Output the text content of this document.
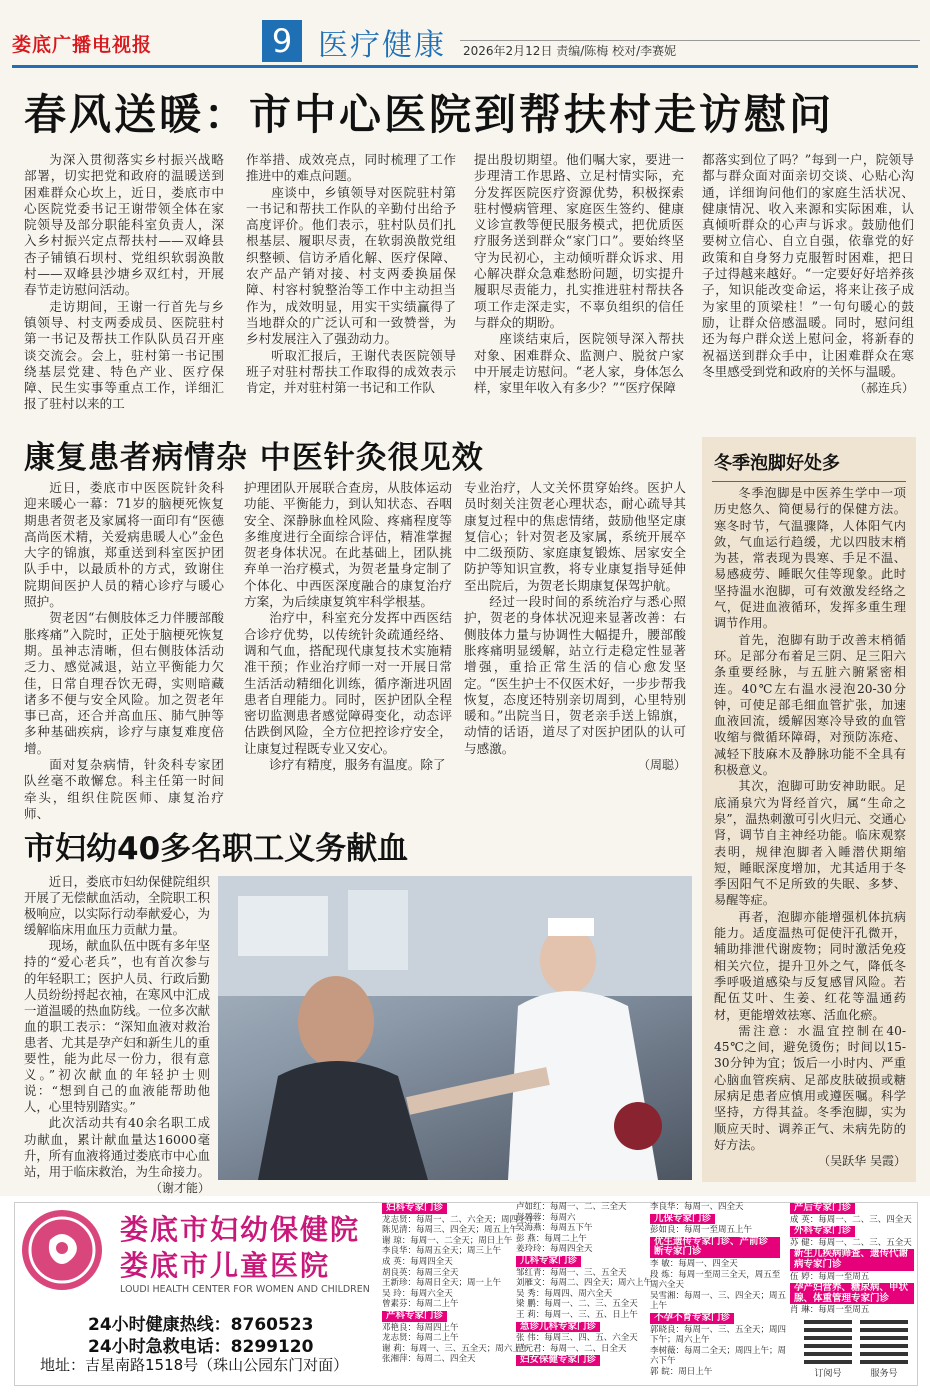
娄底广播电视报	9 医疗健康 2026年2月12日 责编/陈梅 校对/李赛妮
春风送暖：市中心医院到帮扶村走访慰问

为深入贯彻落实乡村振兴战略部署，切实把党和政府的温暖送到困难群众心坎上，近日，娄底市中心医院党委书记王谢带领全体在家院领导及部分职能科室负责人，深入乡村振兴定点帮扶村——双峰县杏子铺镇石坝村、党组织软弱涣散村——双峰县沙塘乡双红村，开展春节走访慰问活动。

走访期间，王谢一行首先与乡镇领导、村支两委成员、医院驻村第一书记及帮扶工作队队员召开座谈交流会。会上，驻村第一书记围绕基层党建、特色产业、医疗保障、民生实事等重点工作，详细汇报了驻村以来的工

作举措、成效亮点，同时梳理了工作推进中的难点问题。

座谈中，乡镇领导对医院驻村第一书记和帮扶工作队的辛勤付出给予高度评价。他们表示，驻村队员们扎根基层、履职尽责，在软弱涣散党组织整顿、信访矛盾化解、医疗保障、农产品产销对接、村支两委换届保障、村容村貌整治等工作中主动担当作为，成效明显，用实干实绩赢得了当地群众的广泛认可和一致赞誉，为乡村发展注入了强劲动力。

听取汇报后，王谢代表医院领导班子对驻村帮扶工作取得的成效表示肯定，并对驻村第一书记和工作队

提出殷切期望。他们嘱大家，要进一步理清工作思路、立足村情实际，充分发挥医院医疗资源优势，积极探索驻村慢病管理、家庭医生签约、健康义诊宣教等便民服务模式，把优质医疗服务送到群众“家门口”。要始终坚守为民初心，主动倾听群众诉求、用心解决群众急难愁盼问题，切实提升履职尽责能力，扎实推进驻村帮扶各项工作走深走实，不辜负组织的信任与群众的期盼。

座谈结束后，医院领导深入帮扶对象、困难群众、监测户、脱贫户家中开展走访慰问。“老人家，身体怎么样，家里年收入有多少？”“医疗保障

都落实到位了吗？”每到一户，院领导都与群众面对面亲切交谈、心贴心沟通，详细询问他们的家庭生活状况、健康情况、收入来源和实际困难，认真倾听群众的心声与诉求。鼓励他们要树立信心、自立自强，依靠党的好政策和自身努力克服暂时困难，把日子过得越来越好。“一定要好好培养孩子，知识能改变命运，将来让孩子成为家里的顶梁柱！”一句句暖心的鼓励，让群众倍感温暖。同时，慰问组还为每户群众送上慰问金，将新春的祝福送到群众手中，让困难群众在寒冬里感受到党和政府的关怀与温暖。

（郝连兵）
康复患者病情杂 中医针灸很见效

近日，娄底市中医医院针灸科迎来暖心一幕：71岁的脑梗死恢复期患者贺老及家属将一面印有“医德高尚医术精，关爱病患暖人心”金色大字的锦旗，郑重送到科室医护团队手中，以最质朴的方式，致谢住院期间医护人员的精心诊疗与暖心照护。

贺老因“右侧肢体乏力伴腰部酸胀疼痛”入院时，正处于脑梗死恢复期。虽神志清晰，但右侧肢体活动乏力、感觉减退，站立平衡能力欠佳，日常自理吞饮无碍，实则暗藏诸多不便与安全风险。加之贺老年事已高，还合并高血压、肺气肿等多种基础疾病，诊疗与康复难度倍增。

面对复杂病情，针灸科专家团队丝毫不敢懈怠。科主任第一时间牵头，组织住院医师、康复治疗师、

护理团队开展联合查房，从肢体运动功能、平衡能力，到认知状态、吞咽安全、深静脉血栓风险、疼痛程度等多维度进行全面综合评估，精准掌握贺老身体状况。在此基础上，团队挑弃单一治疗模式，为贺老量身定制了个体化、中西医深度融合的康复治疗方案，为后续康复筑牢科学根基。

治疗中，科室充分发挥中西医结合诊疗优势，以传统针灸疏通经络、调和气血，搭配现代康复技术实施精准干预；作业治疗师一对一开展日常生活活动精细化训练，循序渐进巩固患者自理能力。同时，医护团队全程密切监测患者感觉障碍变化，动态评估跌倒风险，全方位把控诊疗安全，让康复过程既专业又安心。

诊疗有精度，服务有温度。除了

专业治疗，人文关怀贯穿始终。医护人员时刻关注贺老心理状态，耐心疏导其康复过程中的焦虑情绪，鼓励他坚定康复信心；针对贺老及家属，系统开展卒中二级预防、家庭康复锻炼、居家安全防护等知识宣教，将专业康复指导延伸至出院后，为贺老长期康复保驾护航。

经过一段时间的系统治疗与悉心照护，贺老的身体状况迎来显著改善：右侧肢体力量与协调性大幅提升，腰部酸胀疼痛明显缓解，站立行走稳定性显著增强，重拾正常生活的信心愈发坚定。“医生护士不仅医术好，一步步帮我恢复，态度还特别亲切周到，心里特别暖和。”出院当日，贺老亲手送上锦旗，动情的话语，道尽了对医护团队的认可与感激。

（周聪）
冬季泡脚好处多

冬季泡脚是中医养生学中一项历史悠久、简便易行的保健方法。寒冬时节，气温骤降，人体阳气内敛，气血运行趋缓，尤以四肢末梢为甚，常表现为畏寒、手足不温、易感疲劳、睡眠欠佳等现象。此时坚持温水泡脚，可有效激发经络之气，促进血液循环，发挥多重生理调节作用。

首先，泡脚有助于改善末梢循环。足部分布着足三阴、足三阳六条重要经脉，与五脏六腑紧密相连。40℃左右温水浸泡20-30分钟，可使足部毛细血管扩张，加速血液回流，缓解因寒冷导致的血管收缩与微循环障碍，对预防冻疮、减轻下肢麻木及静脉功能不全具有积极意义。

其次，泡脚可助安神助眠。足底涌泉穴为肾经首穴，属“生命之泉”，温热刺激可引火归元、交通心肾，调节自主神经功能。临床观察表明，规律泡脚者入睡潜伏期缩短，睡眠深度增加，尤其适用于冬季因阳气不足所致的失眠、多梦、易醒等症。

再者，泡脚亦能增强机体抗病能力。适度温热可促使汗孔微开，辅助排泄代谢废物；同时激活免疫相关穴位，提升卫外之气，降低冬季呼吸道感染与反复感冒风险。若配伍艾叶、生姜、红花等温通药材，更能增效祛寒、活血化瘀。

需注意：水温宜控制在40-45℃之间，避免烫伤；时间以15-30分钟为宜；饭后一小时内、严重心脑血管疾病、足部皮肤破损或糖尿病足患者应慎用或遵医嘱。科学坚持，方得其益。冬季泡脚，实为顺应天时、调养正气、未病先防的好方法。

（吴跃华 吴霞）
市妇幼40多名职工义务献血

近日，娄底市妇幼保健院组织开展了无偿献血活动，全院职工积极响应，以实际行动奉献爱心，为缓解临床用血压力贡献力量。

现场，献血队伍中既有多年坚持的“爱心老兵”，也有首次参与的年轻职工；医护人员、行政后勤人员纷纷捋起衣袖，在寒风中汇成一道温暖的热血防线。一位多次献血的职工表示：“深知血液对救治患者、尤其是孕产妇和新生儿的重要性，能为此尽一份力，很有意义。”初次献血的年轻护士则说：“想到自己的血液能帮助他人，心里特别踏实。”

此次活动共有40余名职工成功献血，累计献血量达16000毫升，所有血液将通过娄底市中心血站，用于临床救治，为生命接力。

（谢才能）
娄底市妇幼保健院
娄底市儿童医院
LOUDI HEALTH CENTER FOR WOMEN AND CHILDREN
24小时健康热线：8760523
24小时急救电话：8299120
地址：吉星南路1518号（珠山公园东门对面）
妇科专家门诊
龙志贤：每周一、二、六全天；周四上午
陈见清：每周三、四全天；周五上午
谢 琼：每周一、二全天；周日上午
李良华：每周五全天；周三上午
成 英：每周四全天
胡良英：每周三全天
王新珍：每周日全天；周一上午
吴 玲：每周六全天
曾素芬：每周二上午
产科专家门诊
邓艳良：每周四上午
龙志贤：每周二上午
谢 莉：每周一、三、五全天；周六上午
张湘萍：每周二、四全天
卢如红：每周一、二、三全天
彭碧蓉：每周六
吴海燕：每周五下午
彭 燕：每周二上午
姜玲玲：每周四全天
儿科专家门诊
邹红青：每周一、三、五全天
刘雁文：每周二、四全天；周六上午
吴 秀：每周四、周六全天
梁 鹏：每周一、二、三、五全天
王 莉：每周一、三、五、日上午
急诊儿科专家门诊
张 伟：每周三、四、五、六全天
范元君：每周一、二、日全天
妇女保健专家门诊
李良华：每周一、四全天
儿保专家门诊
彭如良：每周一至周五上午
优生遗传专家门诊、产前诊断专家门诊
李 敏：每周一、四全天
段 炼：每周一至周三全天，周五至周六全天
吴雪湘：每周一、三、四全天；周五上午
不孕不育专家门诊
郭晓良：每周一、三、五全天；周四下午；周六上午
李树薇：每周二全天；周四上午；周六下午
郭 皖：周日上午
产后专家门诊
成 英：每周一、二、三、四全天
外科专家门诊
苏 健：每周一、二、三、五全天
新生儿疾病筛查、遗传代谢病专家门诊
伍 婷：每周一至周五
孕产妇营养、糖尿病、甲状腺、体重管理专家门诊
肖 琳：每周一至周五
订阅号	服务号
